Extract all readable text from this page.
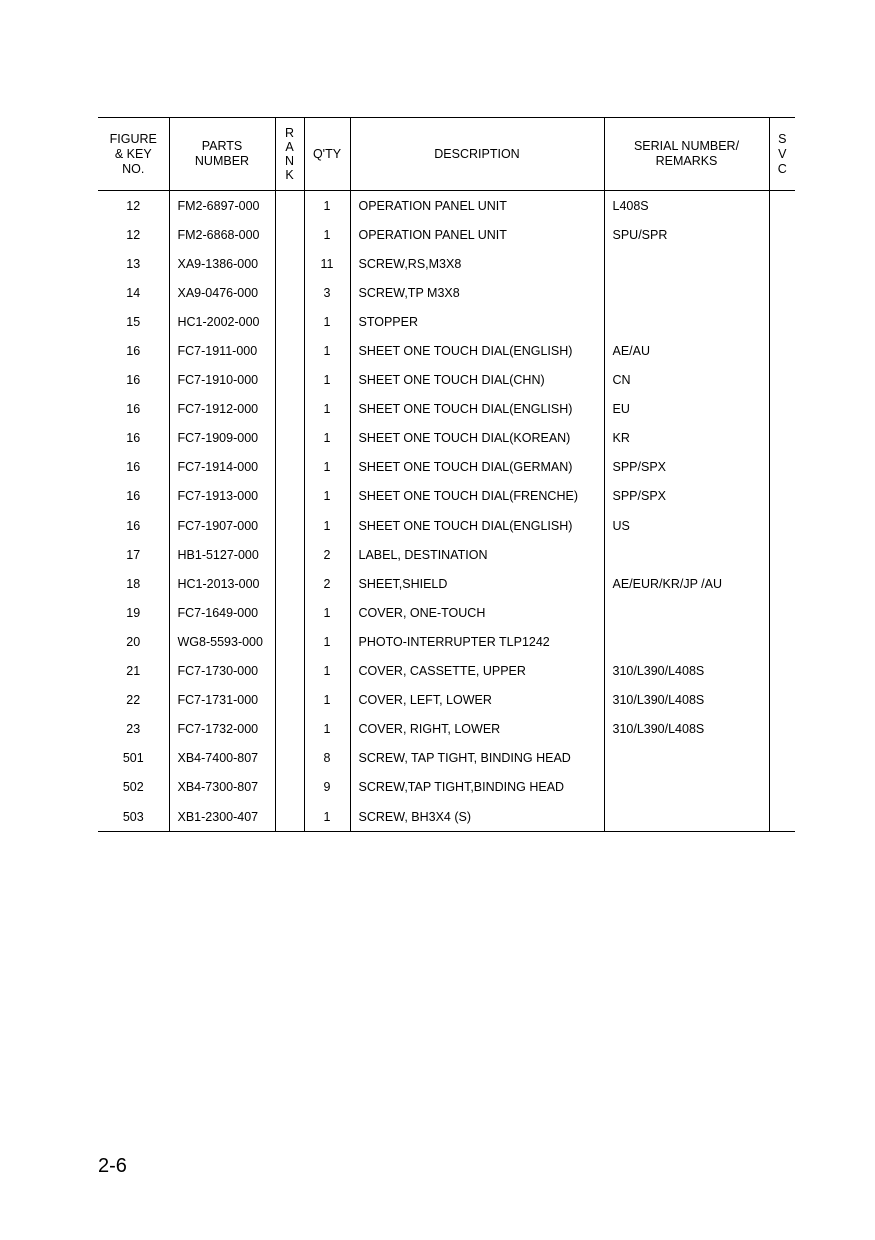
FIGURE
& KEY
NO.	PARTS
NUMBER	R
A
N
K	Q'TY	DESCRIPTION	SERIAL NUMBER/
REMARKS	S
V
C

12	FM2-6897-000		1	OPERATION PANEL UNIT	L408S	
12	FM2-6868-000		1	OPERATION PANEL UNIT	SPU/SPR	
13	XA9-1386-000		11	SCREW,RS,M3X8		
14	XA9-0476-000		3	SCREW,TP M3X8		
15	HC1-2002-000		1	STOPPER		
16	FC7-1911-000		1	SHEET ONE TOUCH DIAL(ENGLISH)	AE/AU	
16	FC7-1910-000		1	SHEET ONE TOUCH DIAL(CHN)	CN	
16	FC7-1912-000		1	SHEET ONE TOUCH DIAL(ENGLISH)	EU	
16	FC7-1909-000		1	SHEET ONE TOUCH DIAL(KOREAN)	KR	
16	FC7-1914-000		1	SHEET ONE TOUCH DIAL(GERMAN)	SPP/SPX	
16	FC7-1913-000		1	SHEET ONE TOUCH DIAL(FRENCHE)	SPP/SPX	
16	FC7-1907-000		1	SHEET ONE TOUCH DIAL(ENGLISH)	US	
17	HB1-5127-000		2	LABEL, DESTINATION		
18	HC1-2013-000		2	SHEET,SHIELD	AE/EUR/KR/JP /AU	
19	FC7-1649-000		1	COVER, ONE-TOUCH		
20	WG8-5593-000		1	PHOTO-INTERRUPTER TLP1242		
21	FC7-1730-000		1	COVER, CASSETTE, UPPER	310/L390/L408S	
22	FC7-1731-000		1	COVER, LEFT, LOWER	310/L390/L408S	
23	FC7-1732-000		1	COVER, RIGHT, LOWER	310/L390/L408S	
501	XB4-7400-807		8	SCREW, TAP TIGHT, BINDING HEAD		
502	XB4-7300-807		9	SCREW,TAP TIGHT,BINDING HEAD		
503	XB1-2300-407		1	SCREW, BH3X4 (S)		
2-6
